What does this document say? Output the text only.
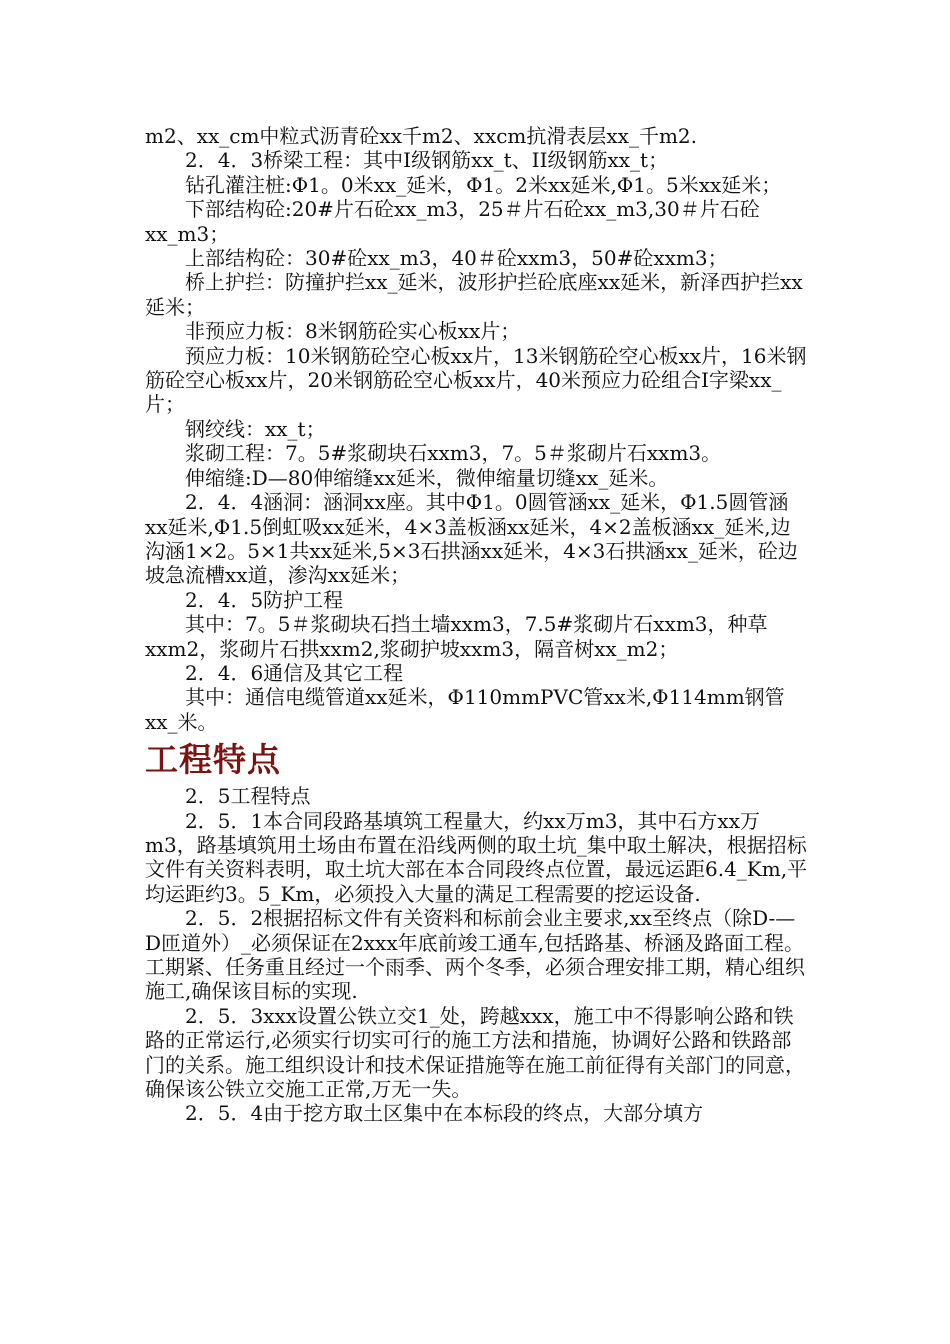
m2、xx_cm中粒式沥青砼xx千m2、xxcm抗滑表层xx_千m2.

2．4．3桥梁工程：其中I级钢筋xx_t、II级钢筋xx_t；

钻孔灌注桩:Φ1。0米xx_延米，Φ1。2米xx延米,Φ1。5米xx延米；

下部结构砼:20#片石砼xx_m3，25＃片石砼xx_m3,30＃片石砼xx_m3；

上部结构砼：30#砼xx_m3，40＃砼xxm3，50#砼xxm3；

桥上护拦：防撞护拦xx_延米，波形护拦砼底座xx延米，新泽西护拦xx延米；

非预应力板：8米钢筋砼实心板xx片；

预应力板：10米钢筋砼空心板xx片，13米钢筋砼空心板xx片，16米钢筋砼空心板xx片，20米钢筋砼空心板xx片，40米预应力砼组合I字梁xx_片；

钢绞线：xx_t；

浆砌工程：7。5#浆砌块石xxm3，7。5＃浆砌片石xxm3。

伸缩缝:D—80伸缩缝xx延米，微伸缩量切缝xx_延米。

2．4．4涵洞：涵洞xx座。其中Φ1。0圆管涵xx_延米，Φ1.5圆管涵xx延米,Φ1.5倒虹吸xx延米，4×3盖板涵xx延米，4×2盖板涵xx_延米,边沟涵1×2。5×1共xx延米,5×3石拱涵xx延米，4×3石拱涵xx_延米，砼边坡急流槽xx道，渗沟xx延米；

2．4．5防护工程

其中：7。5＃浆砌块石挡土墙xxm3，7.5#浆砌片石xxm3，种草xxm2，浆砌片石拱xxm2,浆砌护坡xxm3，隔音树xx_m2；

2．4．6通信及其它工程

其中：通信电缆管道xx延米，Φ110mmPVC管xx米,Φ114mm钢管xx_米。

工程特点

2．5工程特点

2．5．1本合同段路基填筑工程量大，约xx万m3，其中石方xx万m3，路基填筑用土场由布置在沿线两侧的取土坑_集中取土解决，根据招标文件有关资料表明，取土坑大部在本合同段终点位置，最远运距6.4_Km,平均运距约3。5_Km，必须投入大量的满足工程需要的挖运设备.

2．5．2根据招标文件有关资料和标前会业主要求,xx至终点（除D-—D匝道外）_必须保证在2xxx年底前竣工通车,包括路基、桥涵及路面工程。工期紧、任务重且经过一个雨季、两个冬季，必须合理安排工期，精心组织施工,确保该目标的实现.

2．5．3xxx设置公铁立交1_处，跨越xxx，施工中不得影响公路和铁路的正常运行,必须实行切实可行的施工方法和措施，协调好公路和铁路部门的关系。施工组织设计和技术保证措施等在施工前征得有关部门的同意，确保该公铁立交施工正常,万无一失。

2．5．4由于挖方取土区集中在本标段的终点，大部分填方
